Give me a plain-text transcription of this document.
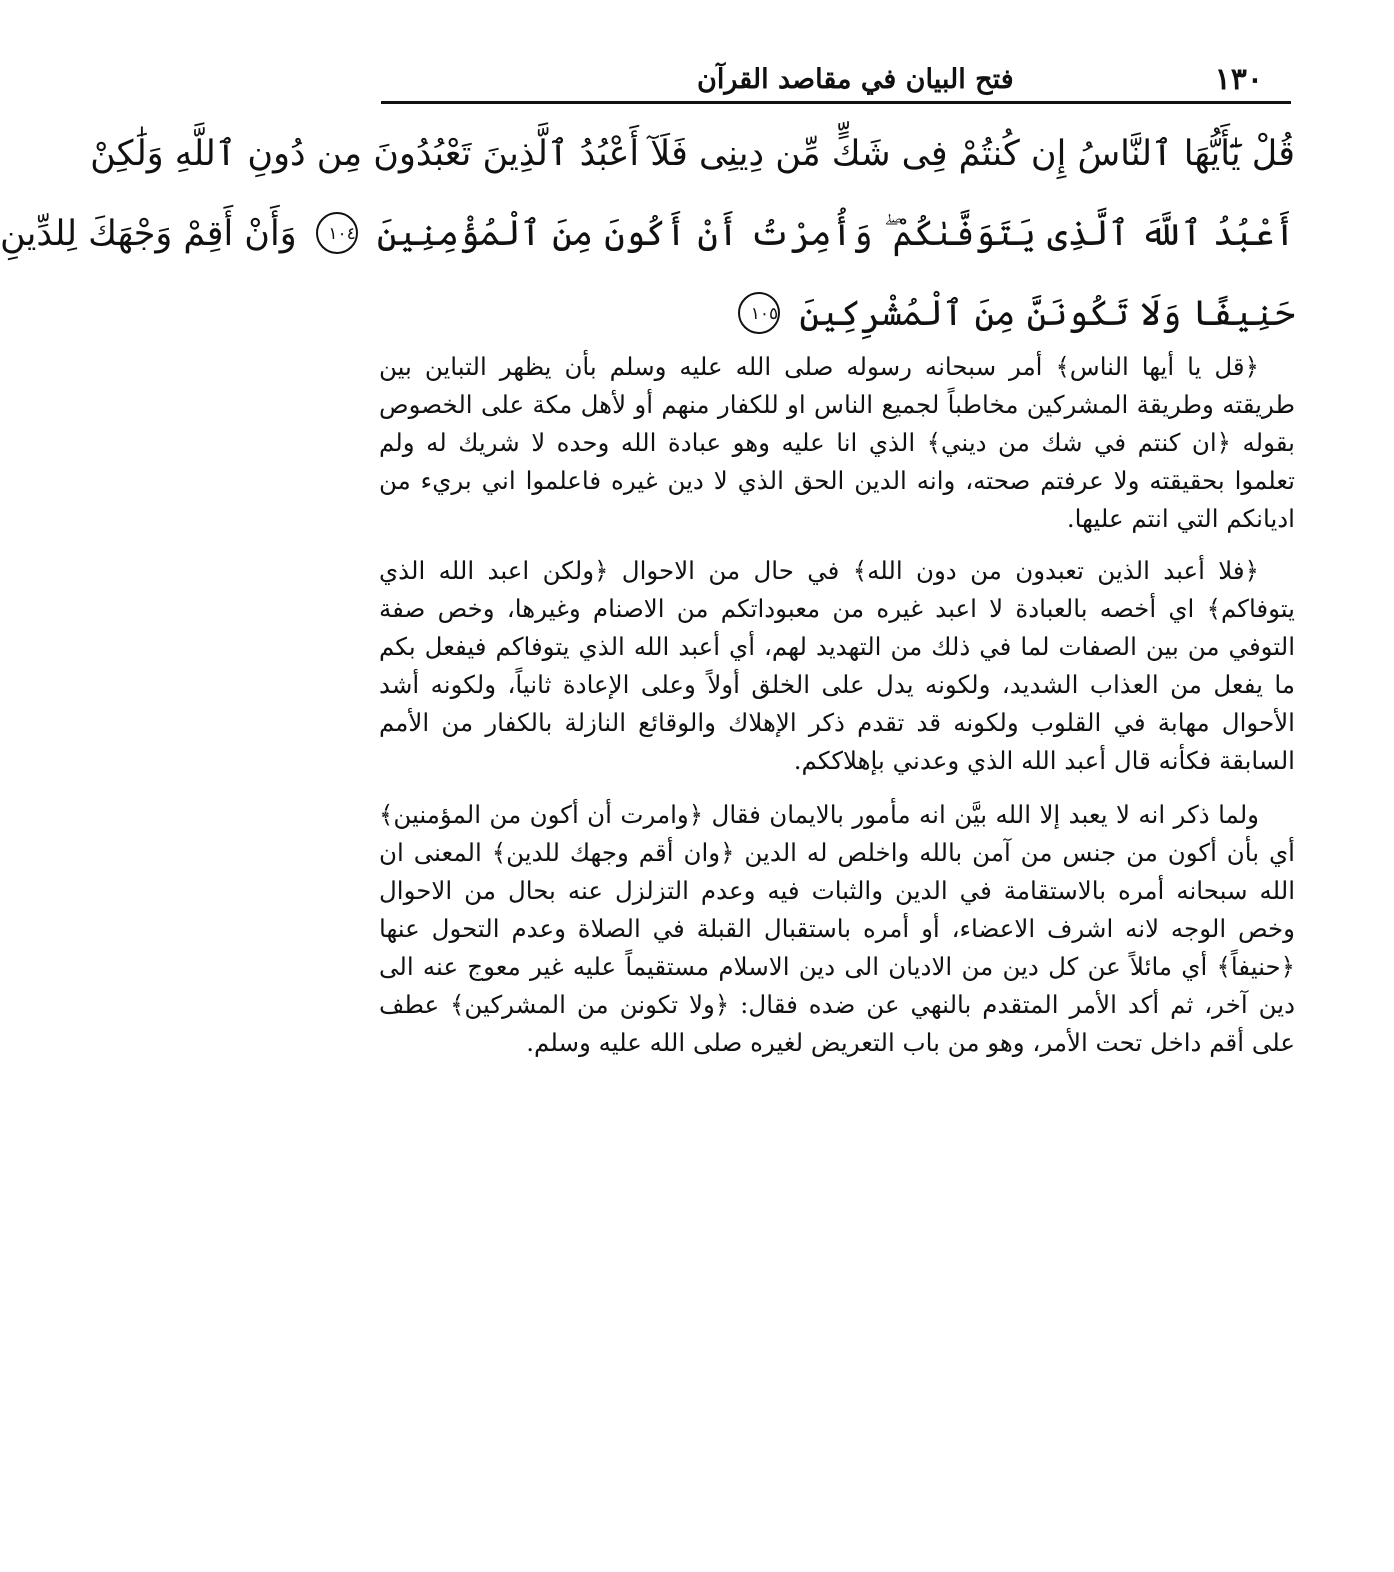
١٣٠
فتح البيان في مقاصد القرآن
قُلْ يَٰٓأَيُّهَا ٱلنَّاسُ إِن كُنتُمْ فِى شَكٍّ مِّن دِينِى فَلَآ أَعْبُدُ ٱلَّذِينَ تَعْبُدُونَ مِن دُونِ ٱللَّهِ وَلَٰكِنْ
أَعْبُدُ ٱللَّهَ ٱلَّذِى يَتَوَفَّىٰكُمْ ۖ وَأُمِرْتُ أَنْ أَكُونَ مِنَ ٱلْمُؤْمِنِينَ ١٠٤ وَأَنْ أَقِمْ وَجْهَكَ لِلدِّينِ
حَنِيفًا وَلَا تَكُونَنَّ مِنَ ٱلْمُشْرِكِينَ ١٠٥

﴿قل يا أيها الناس﴾ أمر سبحانه رسوله صلى الله عليه وسلم بأن يظهر التباين بين طريقته وطريقة المشركين مخاطباً لجميع الناس او للكفار منهم أو لأهل مكة على الخصوص بقوله ﴿ان كنتم في شك من ديني﴾ الذي انا عليه وهو عبادة الله وحده لا شريك له ولم تعلموا بحقيقته ولا عرفتم صحته، وانه الدين الحق الذي لا دين غيره فاعلموا اني بريء من اديانكم التي انتم عليها.

﴿فلا أعبد الذين تعبدون من دون الله﴾ في حال من الاحوال ﴿ولكن اعبد الله الذي يتوفاكم﴾ اي أخصه بالعبادة لا اعبد غيره من معبوداتكم من الاصنام وغيرها، وخص صفة التوفي من بين الصفات لما في ذلك من التهديد لهم، أي أعبد الله الذي يتوفاكم فيفعل بكم ما يفعل من العذاب الشديد، ولكونه يدل على الخلق أولاً وعلى الإعادة ثانياً، ولكونه أشد الأحوال مهابة في القلوب ولكونه قد تقدم ذكر الإهلاك والوقائع النازلة بالكفار من الأمم السابقة فكأنه قال أعبد الله الذي وعدني بإهلاككم.

ولما ذكر انه لا يعبد إلا الله بيَّن انه مأمور بالايمان فقال ﴿وامرت أن أكون من المؤمنين﴾ أي بأن أكون من جنس من آمن بالله واخلص له الدين ﴿وان أقم وجهك للدين﴾ المعنى ان الله سبحانه أمره بالاستقامة في الدين والثبات فيه وعدم التزلزل عنه بحال من الاحوال وخص الوجه لانه اشرف الاعضاء، أو أمره باستقبال القبلة في الصلاة وعدم التحول عنها ﴿حنيفاً﴾ أي مائلاً عن كل دين من الاديان الى دين الاسلام مستقيماً عليه غير معوج عنه الى دين آخر، ثم أكد الأمر المتقدم بالنهي عن ضده فقال: ﴿ولا تكونن من المشركين﴾ عطف على أقم داخل تحت الأمر، وهو من باب التعريض لغيره صلى الله عليه وسلم.
